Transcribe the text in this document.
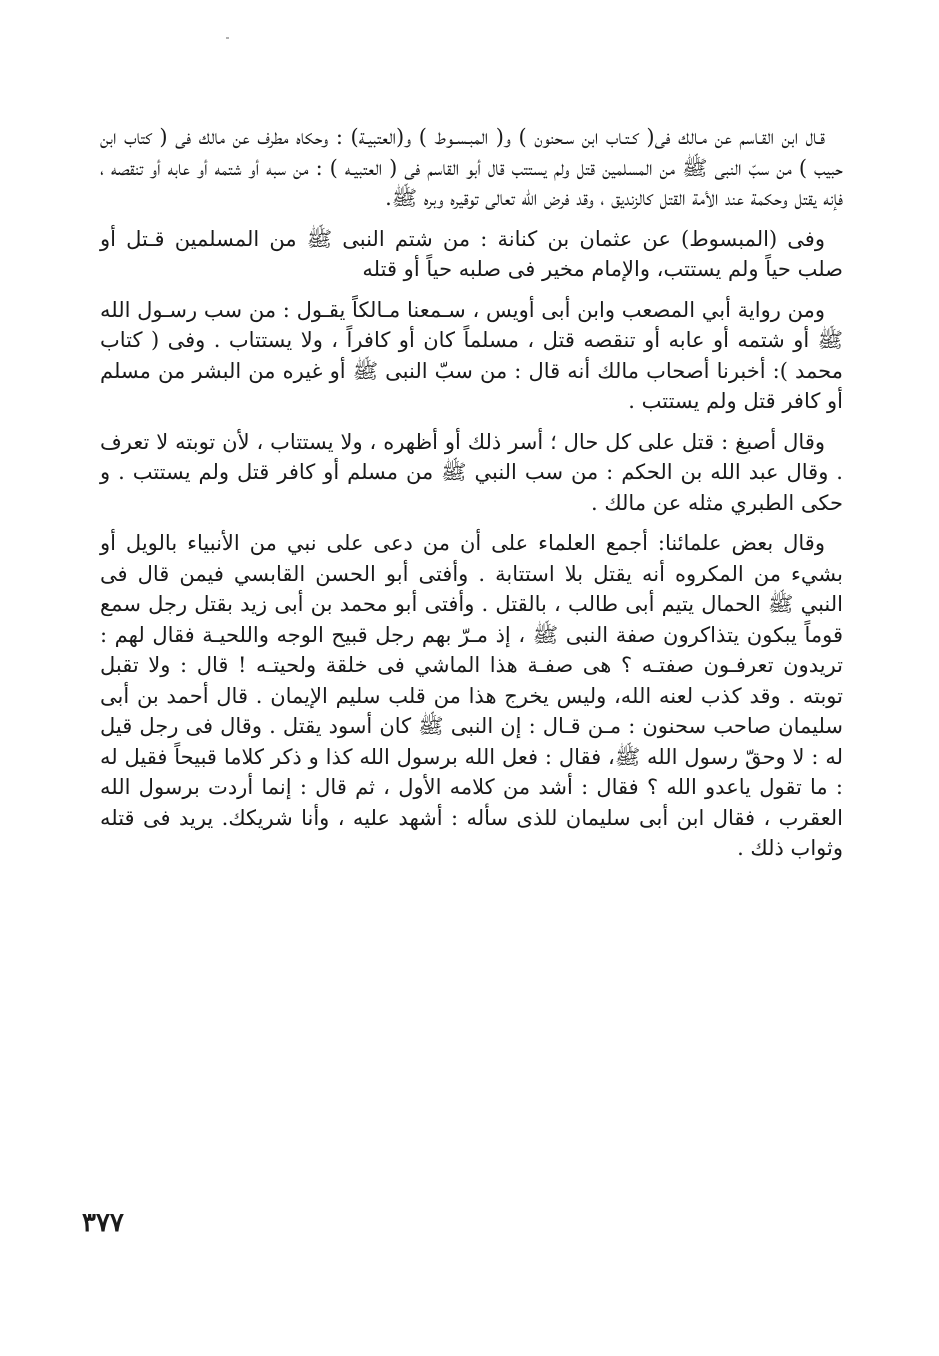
قـال ابن القـاسم عن مـالك فى( كـتـاب ابن سـحنون ) و( المبـسـوط ) و(العتبيـة) : وحكاه مطرف عن مالك فى ( كتاب ابن حبيب ) من سبّ النبى ﷺ من المسلمين قتل ولم يستتب قال أبو القاسم فى ( العتبيـه ) : من سبه أو شتمه أو عابه أو تنقصه ، فإنه يقتل وحكمة عند الأمة القتل كالزنديق ، وقد فرض الله تعالى توقيره وبره ﷺ.

وفى (المبسوط) عن عثمان بن كنانة : من شتم النبى ﷺ من المسلمين قـتل أو صلب حياً ولم يستتب، والإمام مخير فى صلبه حياً أو قتله

ومن رواية أبي المصعب وابن أبى أويس ، سـمعنا مـالكاً يقـول : من سب رسـول الله ﷺ أو شتمه أو عابه أو تنقصه قتل ، مسلماً كان أو كافراً ، ولا يستتاب . وفى ( كتاب محمد ): أخبرنا أصحاب مالك أنه قال : من سبّ النبى ﷺ أو غيره من البشر من مسلم أو كافر قتل ولم يستتب .

وقال أصبغ : قتل على كل حال ؛ أسر ذلك أو أظهره ، ولا يستتاب ، لأن توبته لا تعرف . وقال عبد الله بن الحكم : من سب النبي ﷺ من مسلم أو كافر قتل ولم يستتب . و حكى الطبري مثله عن مالك .

وقال بعض علمائنا: أجمع العلماء على أن من دعى على نبي من الأنبياء بالويل أو بشيء من المكروه أنه يقتل بلا استتابة . وأفتى أبو الحسن القابسي فيمن قال فى النبي ﷺ الحمال يتيم أبى طالب ، بالقتل . وأفتى أبو محمد بن أبى زيد بقتل رجل سمع قوماً يبكون يتذاكرون صفة النبى ﷺ ، إذ مـرّ بهم رجل قبيح الوجه واللحيـة فقال لهم : تريدون تعرفـون صفتـه ؟ هى صفـة هذا الماشي فى خلقة ولحيتـه ! قال : ولا تقبل توبته . وقد كذب لعنه الله، وليس يخرج هذا من قلب سليم الإيمان . قال أحمد بن أبى سليمان صاحب سحنون : مـن قـال : إن النبى ﷺ كان أسود يقتل . وقال فى رجل قيل له : لا وحقّ رسول الله ﷺ، فقال : فعل الله برسول الله كذا و ذكر كلاما قبيحاً فقيل له : ما تقول ياعدو الله ؟ فقال : أشد من كلامه الأول ، ثم قال : إنما أردت برسول الله العقرب ، فقال ابن أبى سليمان للذى سأله : أشهد عليه ، وأنا شريكك. يريد فى قتله وثواب ذلك .

٣٧٧
